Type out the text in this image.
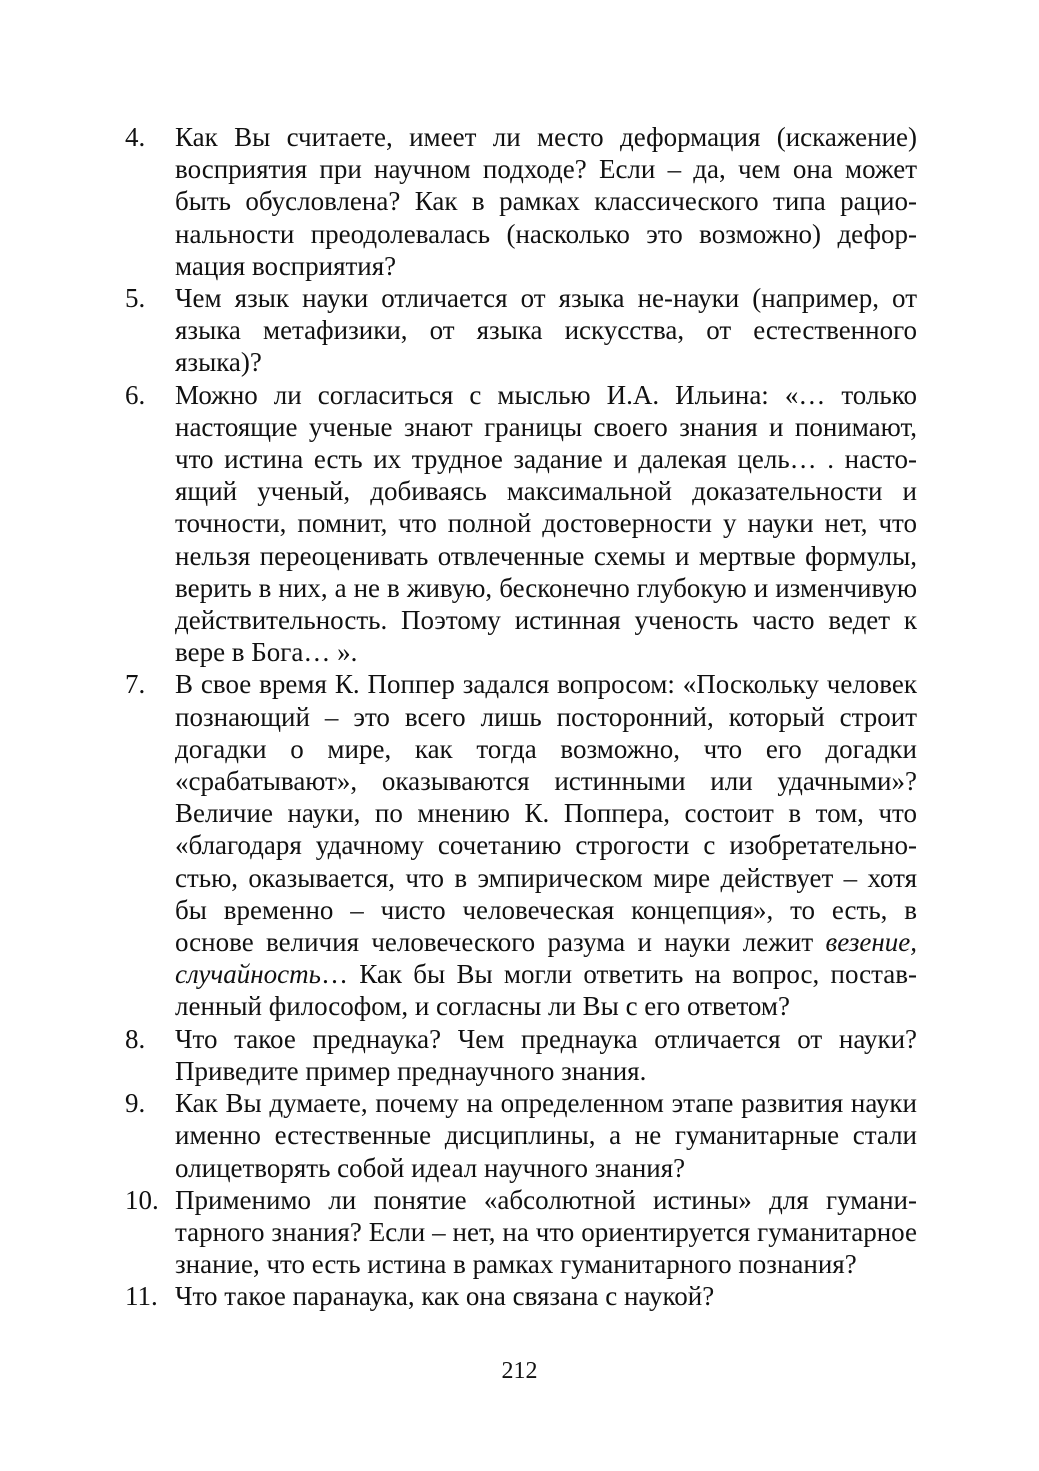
4. Как Вы считаете, имеет ли место деформация (искажение) восприятия при научном подходе? Если – да, чем она может быть обусловлена? Как в рамках классического типа рациональности преодолевалась (насколько это возможно) деформация восприятия?
5. Чем язык науки отличается от языка не-науки (например, от языка метафизики, от языка искусства, от естественного языка)?
6. Можно ли согласиться с мыслью И.А. Ильина: «… только настоящие ученые знают границы своего знания и понимают, что истина есть их трудное задание и далекая цель… . настоящий ученый, добиваясь максимальной доказательности и точности, помнит, что полной достоверности у науки нет, что нельзя переоценивать отвлеченные схемы и мертвые формулы, верить в них, а не в живую, бесконечно глубокую и изменчивую действительность. Поэтому истинная ученость часто ведет к вере в Бога… ».
7. В свое время К. Поппер задался вопросом: «Поскольку человек познающий – это всего лишь посторонний, который строит догадки о мире, как тогда возможно, что его догадки «срабатывают», оказываются истинными или удачными»? Величие науки, по мнению К. Поппера, состоит в том, что «благодаря удачному сочетанию строгости с изобретательностью, оказывается, что в эмпирическом мире действует – хотя бы временно – чисто человеческая концепция», то есть, в основе величия человеческого разума и науки лежит везение, случайность… Как бы Вы могли ответить на вопрос, поставленный философом, и согласны ли Вы с его ответом?
8. Что такое преднаука? Чем преднаука отличается от науки? Приведите пример преднаучного знания.
9. Как Вы думаете, почему на определенном этапе развития науки именно естественные дисциплины, а не гуманитарные стали олицетворять собой идеал научного знания?
10. Применимо ли понятие «абсолютной истины» для гуманитарного знания? Если – нет, на что ориентируется гуманитарное знание, что есть истина в рамках гуманитарного познания?
11. Что такое паранаука, как она связана с наукой?
212
